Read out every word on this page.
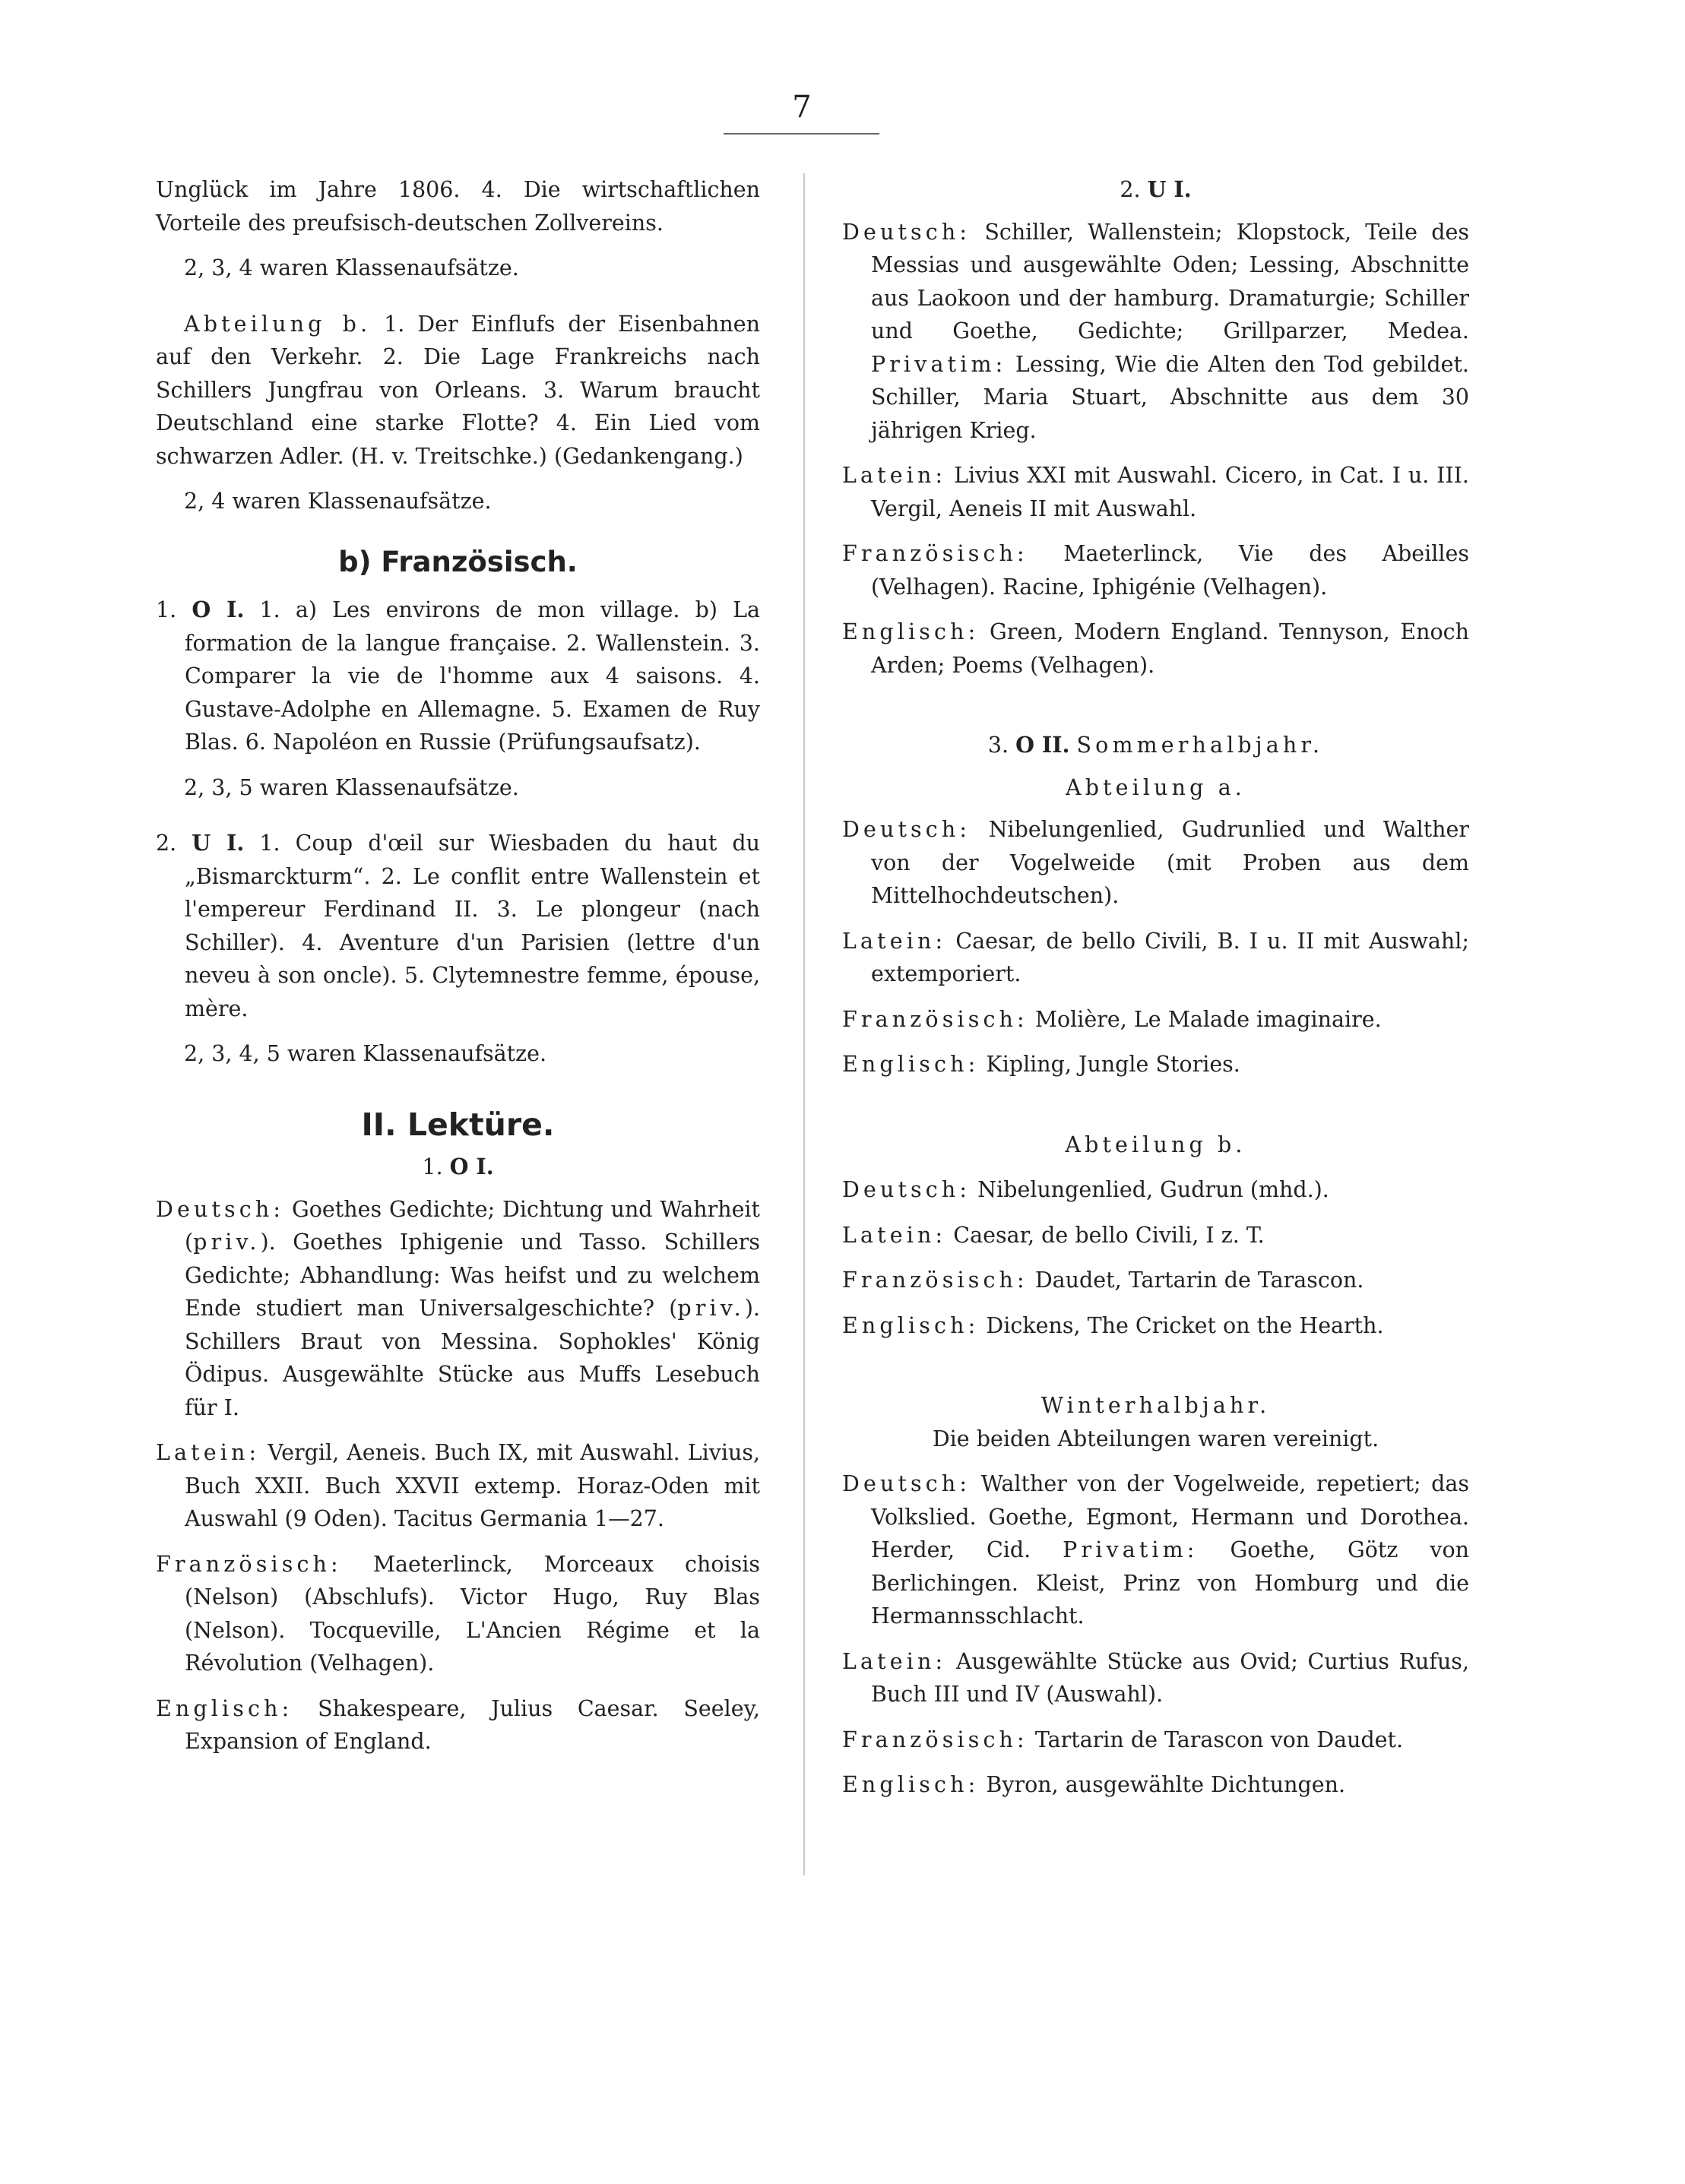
7

Unglück im Jahre 1806. 4. Die wirtschaftlichen Vorteile des preufsisch-deutschen Zollvereins.

2, 3, 4 waren Klassenaufsätze.

Abteilung b. 1. Der Einflufs der Eisenbahnen auf den Verkehr. 2. Die Lage Frankreichs nach Schillers Jungfrau von Orleans. 3. Warum braucht Deutschland eine starke Flotte? 4. Ein Lied vom schwarzen Adler. (H. v. Treitschke.) (Gedankengang.)

2, 4 waren Klassenaufsätze.

b) Französisch.

1. O I. 1. a) Les environs de mon village. b) La formation de la langue française. 2. Wallenstein. 3. Comparer la vie de l'homme aux 4 saisons. 4. Gustave-Adolphe en Allemagne. 5. Examen de Ruy Blas. 6. Napoléon en Russie (Prüfungsaufsatz).

2, 3, 5 waren Klassenaufsätze.

2. U I. 1. Coup d'œil sur Wiesbaden du haut du „Bismarckturm“. 2. Le conflit entre Wallenstein et l'empereur Ferdinand II. 3. Le plongeur (nach Schiller). 4. Aventure d'un Parisien (lettre d'un neveu à son oncle). 5. Clytemnestre femme, épouse, mère.

2, 3, 4, 5 waren Klassenaufsätze.

II. Lektüre.
1. O I.

Deutsch: Goethes Gedichte; Dichtung und Wahrheit (priv.). Goethes Iphigenie und Tasso. Schillers Gedichte; Abhandlung: Was heifst und zu welchem Ende studiert man Universalgeschichte? (priv.). Schillers Braut von Messina. Sophokles' König Ödipus. Ausgewählte Stücke aus Muffs Lesebuch für I.

Latein: Vergil, Aeneis. Buch IX, mit Auswahl. Livius, Buch XXII. Buch XXVII extemp. Horaz-Oden mit Auswahl (9 Oden). Tacitus Germania 1—27.

Französisch: Maeterlinck, Morceaux choisis (Nelson) (Abschlufs). Victor Hugo, Ruy Blas (Nelson). Tocqueville, L'Ancien Régime et la Révolution (Velhagen).

Englisch: Shakespeare, Julius Caesar. Seeley, Expansion of England.

2. U I.

Deutsch: Schiller, Wallenstein; Klopstock, Teile des Messias und ausgewählte Oden; Lessing, Abschnitte aus Laokoon und der hamburg. Dramaturgie; Schiller und Goethe, Gedichte; Grillparzer, Medea. Privatim: Lessing, Wie die Alten den Tod gebildet. Schiller, Maria Stuart, Abschnitte aus dem 30 jährigen Krieg.

Latein: Livius XXI mit Auswahl. Cicero, in Cat. I u. III. Vergil, Aeneis II mit Auswahl.

Französisch: Maeterlinck, Vie des Abeilles (Velhagen). Racine, Iphigénie (Velhagen).

Englisch: Green, Modern England. Tennyson, Enoch Arden; Poems (Velhagen).

3. O II. Sommerhalbjahr.

Abteilung a.

Deutsch: Nibelungenlied, Gudrunlied und Walther von der Vogelweide (mit Proben aus dem Mittelhochdeutschen).

Latein: Caesar, de bello Civili, B. I u. II mit Auswahl; extemporiert.

Französisch: Molière, Le Malade imaginaire.

Englisch: Kipling, Jungle Stories.

Abteilung b.

Deutsch: Nibelungenlied, Gudrun (mhd.).

Latein: Caesar, de bello Civili, I z. T.

Französisch: Daudet, Tartarin de Tarascon.

Englisch: Dickens, The Cricket on the Hearth.

Winterhalbjahr.

Die beiden Abteilungen waren vereinigt.

Deutsch: Walther von der Vogelweide, repetiert; das Volkslied. Goethe, Egmont, Hermann und Dorothea. Herder, Cid. Privatim: Goethe, Götz von Berlichingen. Kleist, Prinz von Homburg und die Hermannsschlacht.

Latein: Ausgewählte Stücke aus Ovid; Curtius Rufus, Buch III und IV (Auswahl).

Französisch: Tartarin de Tarascon von Daudet.

Englisch: Byron, ausgewählte Dichtungen.
